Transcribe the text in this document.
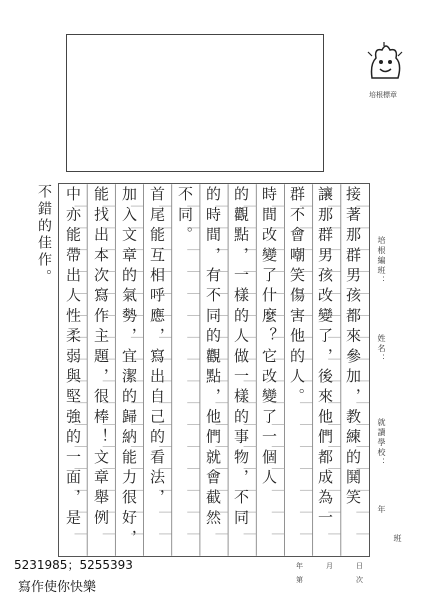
培根標章
培根編班：
姓名：
就讀學校：
年
班
接著那群男孩都來參加，教練的鬨笑
讓那群男孩改變了，後來他們都成為一
群不會嘲笑傷害他的人。
時間改變了什麼？它改變了一個人
的觀點，一樣的人做一樣的事物，不同
的時間，有不同的觀點，他們就會截然
不同。
首尾能互相呼應，寫出自己的看法，
加入文章的氣勢，宜潔的歸納能力很好，
能找出本次寫作主題，很棒！文章舉例
中亦能帶出人性柔弱與堅強的一面，是
不錯的佳作。
5231985；5255393
寫作使你快樂
年	月	日
第	次
